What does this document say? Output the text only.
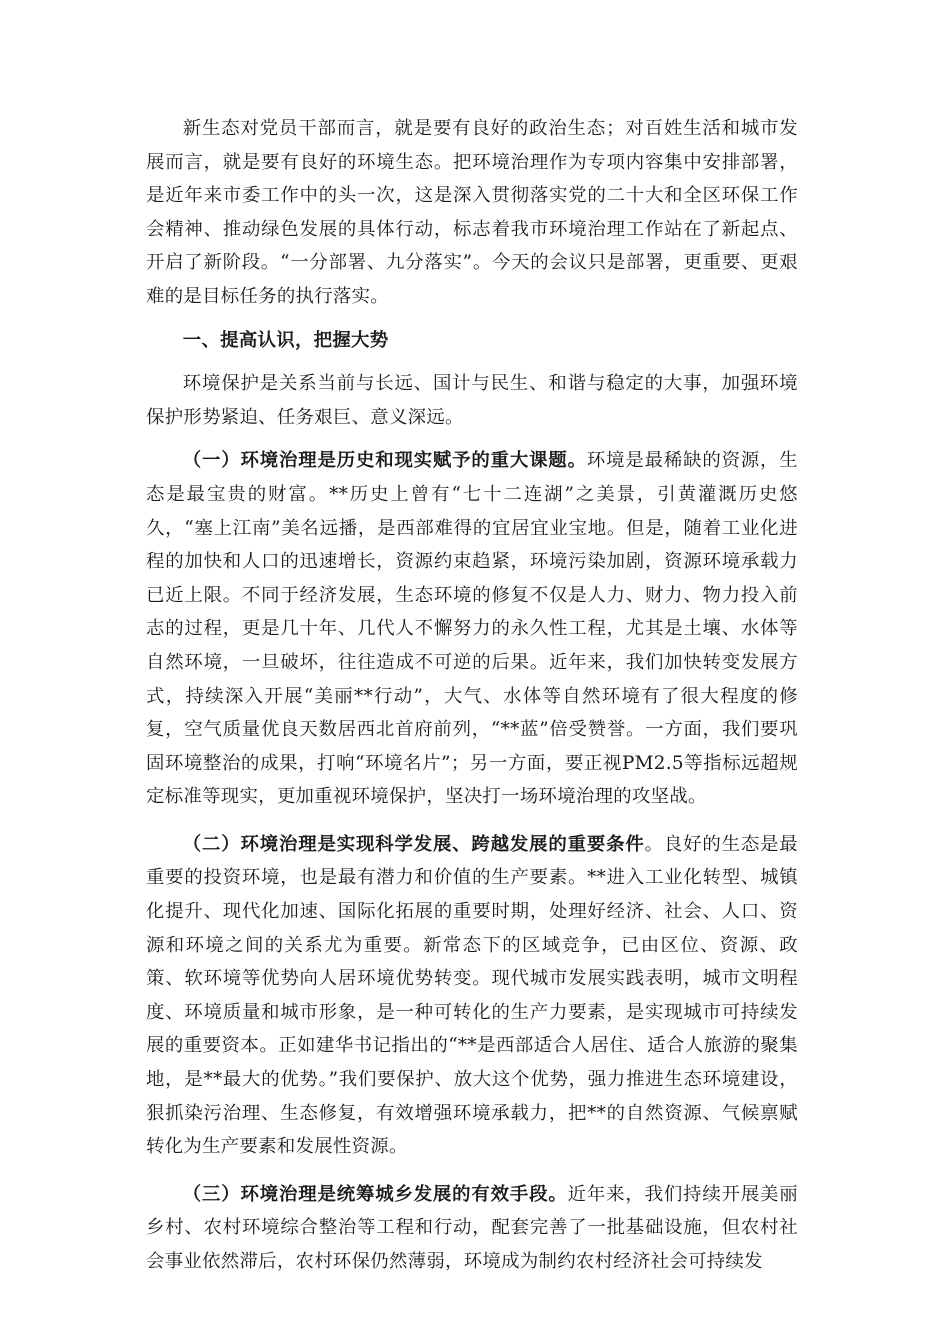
新生态对党员干部而言，就是要有良好的政治生态；对百姓生活和城市发展而言，就是要有良好的环境生态。把环境治理作为专项内容集中安排部署，是近年来市委工作中的头一次，这是深入贯彻落实党的二十大和全区环保工作会精神、推动绿色发展的具体行动，标志着我市环境治理工作站在了新起点、开启了新阶段。“一分部署、九分落实”。今天的会议只是部署，更重要、更艰难的是目标任务的执行落实。

一、提高认识，把握大势

环境保护是关系当前与长远、国计与民生、和谐与稳定的大事，加强环境保护形势紧迫、任务艰巨、意义深远。

（一）环境治理是历史和现实赋予的重大课题。环境是最稀缺的资源，生态是最宝贵的财富。**历史上曾有“七十二连湖”之美景，引黄灌溉历史悠久，“塞上江南”美名远播，是西部难得的宜居宜业宝地。但是，随着工业化进程的加快和人口的迅速增长，资源约束趋紧，环境污染加剧，资源环境承载力已近上限。不同于经济发展，生态环境的修复不仅是人力、财力、物力投入前志的过程，更是几十年、几代人不懈努力的永久性工程，尤其是土壤、水体等自然环境，一旦破坏，往往造成不可逆的后果。近年来，我们加快转变发展方式，持续深入开展“美丽**行动”，大气、水体等自然环境有了很大程度的修复，空气质量优良天数居西北首府前列，“**蓝”倍受赞誉。一方面，我们要巩固环境整治的成果，打响“环境名片”；另一方面，要正视PM2.5等指标远超规定标准等现实，更加重视环境保护，坚决打一场环境治理的攻坚战。

（二）环境治理是实现科学发展、跨越发展的重要条件。良好的生态是最重要的投资环境，也是最有潜力和价值的生产要素。**进入工业化转型、城镇化提升、现代化加速、国际化拓展的重要时期，处理好经济、社会、人口、资源和环境之间的关系尤为重要。新常态下的区域竞争，已由区位、资源、政策、软环境等优势向人居环境优势转变。现代城市发展实践表明，城市文明程度、环境质量和城市形象，是一种可转化的生产力要素，是实现城市可持续发展的重要资本。正如建华书记指出的“**是西部适合人居住、适合人旅游的聚集地，是**最大的优势。”我们要保护、放大这个优势，强力推进生态环境建设，狠抓染污治理、生态修复，有效增强环境承载力，把**的自然资源、气候禀赋转化为生产要素和发展性资源。

（三）环境治理是统筹城乡发展的有效手段。近年来，我们持续开展美丽乡村、农村环境综合整治等工程和行动，配套完善了一批基础设施，但农村社会事业依然滞后，农村环保仍然薄弱，环境成为制约农村经济社会可持续发
